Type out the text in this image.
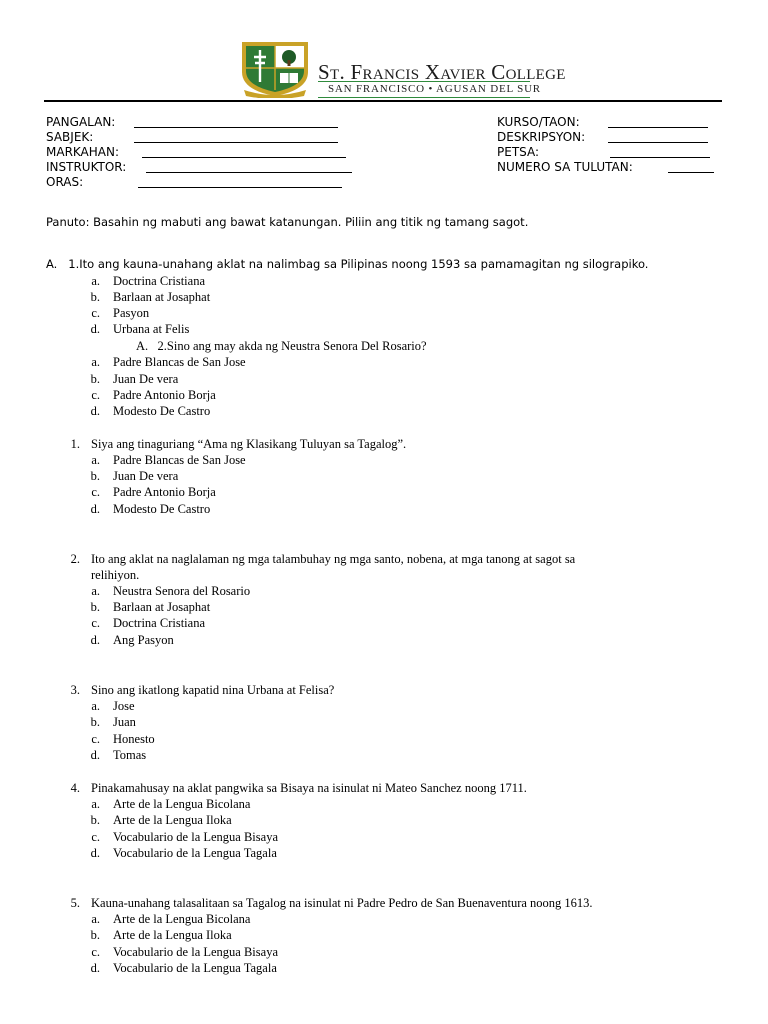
St. Francis Xavier College
SAN FRANCISCO • AGUSAN DEL SUR
PANGALAN:
SABJEK:
MARKAHAN:
INSTRUKTOR:
ORAS:
KURSO/TAON:
DESKRIPSYON:
PETSA:
NUMERO SA TULUTAN:
Panuto: Basahin ng mabuti ang bawat katanungan. Piliin ang titik ng tamang sagot.
A. 1.Ito ang kauna-unahang aklat na nalimbag sa Pilipinas noong 1593 sa pamamagitan ng silograpiko.
a. Doctrina Cristiana
b. Barlaan at Josaphat
c. Pasyon
d. Urbana at Felis
A. 2.Sino ang may akda ng Neustra Senora Del Rosario?
a. Padre Blancas de San Jose
b. Juan De vera
c. Padre Antonio Borja
d. Modesto De Castro
1. Siya ang tinaguriang “Ama ng Klasikang Tuluyan sa Tagalog”.
a. Padre Blancas de San Jose
b. Juan De vera
c. Padre Antonio Borja
d. Modesto De Castro
2. Ito ang aklat na naglalaman ng mga talambuhay ng mga santo, nobena, at mga tanong at sagot sa
relihiyon.
a. Neustra Senora del Rosario
b. Barlaan at Josaphat
c. Doctrina Cristiana
d. Ang Pasyon
3. Sino ang ikatlong kapatid nina Urbana at Felisa?
a. Jose
b. Juan
c. Honesto
d. Tomas
4. Pinakamahusay na aklat pangwika sa Bisaya na isinulat ni Mateo Sanchez noong 1711.
a. Arte de la Lengua Bicolana
b. Arte de la Lengua Iloka
c. Vocabulario de la Lengua Bisaya
d. Vocabulario de la Lengua Tagala
5. Kauna-unahang talasalitaan sa Tagalog na isinulat ni Padre Pedro de San Buenaventura noong 1613.
a. Arte de la Lengua Bicolana
b. Arte de la Lengua Iloka
c. Vocabulario de la Lengua Bisaya
d. Vocabulario de la Lengua Tagala
